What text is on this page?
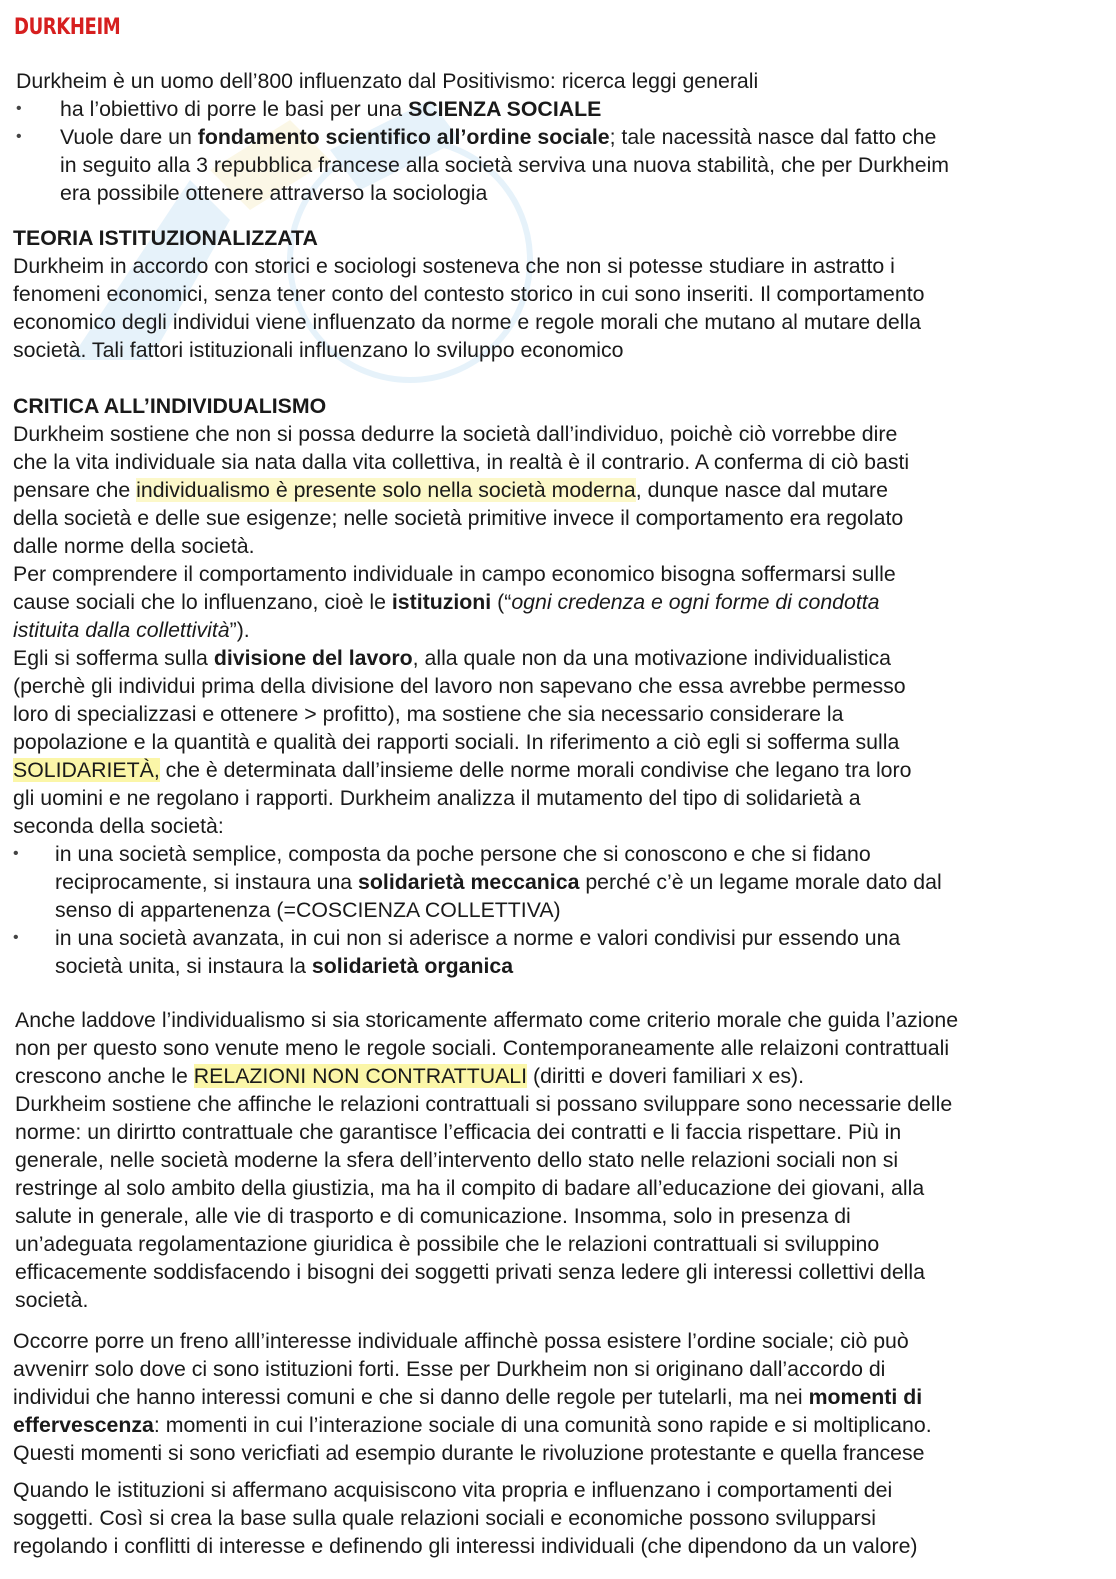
DURKHEIM
Durkheim è un uomo dell’800 influenzato dal Positivismo: ricerca leggi generali
• ha l’obiettivo di porre le basi per una SCIENZA SOCIALE
• Vuole dare un fondamento scientifico all’ordine sociale; tale nacessità nasce dal fatto che
in seguito alla 3 repubblica francese alla società serviva una nuova stabilità, che per Durkheim
era possibile ottenere attraverso la sociologia
TEORIA ISTITUZIONALIZZATA
Durkheim in accordo con storici e sociologi sosteneva che non si potesse studiare in astratto i
fenomeni economici, senza tener conto del contesto storico in cui sono inseriti. Il comportamento
economico degli individui viene influenzato da norme e regole morali che mutano al mutare della
società. Tali fattori istituzionali influenzano lo sviluppo economico
CRITICA ALL’INDIVIDUALISMO
Durkheim sostiene che non si possa dedurre la società dall’individuo, poichè ciò vorrebbe dire
che la vita individuale sia nata dalla vita collettiva, in realtà è il contrario. A conferma di ciò basti
pensare che individualismo è presente solo nella società moderna, dunque nasce dal mutare
della società e delle sue esigenze; nelle società primitive invece il comportamento era regolato
dalle norme della società.
Per comprendere il comportamento individuale in campo economico bisogna soffermarsi sulle
cause sociali che lo influenzano, cioè le istituzioni (“ogni credenza e ogni forme di condotta
istituita dalla collettività”).
Egli si sofferma sulla divisione del lavoro, alla quale non da una motivazione individualistica
(perchè gli individui prima della divisione del lavoro non sapevano che essa avrebbe permesso
loro di specializzasi e ottenere > profitto), ma sostiene che sia necessario considerare la
popolazione e la quantità e qualità dei rapporti sociali. In riferimento a ciò egli si sofferma sulla
SOLIDARIETÀ, che è determinata dall’insieme delle norme morali condivise che legano tra loro
gli uomini e ne regolano i rapporti. Durkheim analizza il mutamento del tipo di solidarietà a
seconda della società:
• in una società semplice, composta da poche persone che si conoscono e che si fidano
reciprocamente, si instaura una solidarietà meccanica perché c’è un legame morale dato dal
senso di appartenenza (=COSCIENZA COLLETTIVA)
• in una società avanzata, in cui non si aderisce a norme e valori condivisi pur essendo una
società unita, si instaura la solidarietà organica
Anche laddove l’individualismo si sia storicamente affermato come criterio morale che guida l’azione
non per questo sono venute meno le regole sociali. Contemporaneamente alle relaizoni contrattuali
crescono anche le RELAZIONI NON CONTRATTUALI (diritti e doveri familiari x es).
Durkheim sostiene che affinche le relazioni contrattuali si possano sviluppare sono necessarie delle
norme: un dirirtto contrattuale che garantisce l’efficacia dei contratti e li faccia rispettare. Più in
generale, nelle società moderne la sfera dell’intervento dello stato nelle relazioni sociali non si
restringe al solo ambito della giustizia, ma ha il compito di badare all’educazione dei giovani, alla
salute in generale, alle vie di trasporto e di comunicazione. Insomma, solo in presenza di
un’adeguata regolamentazione giuridica è possibile che le relazioni contrattuali si sviluppino
efficacemente soddisfacendo i bisogni dei soggetti privati senza ledere gli interessi collettivi della
società.
Occorre porre un freno alll’interesse individuale affinchè possa esistere l’ordine sociale; ciò può
avvenirr solo dove ci sono istituzioni forti. Esse per Durkheim non si originano dall’accordo di
individui che hanno interessi comuni e che si danno delle regole per tutelarli, ma nei momenti di
effervescenza: momenti in cui l’interazione sociale di una comunità sono rapide e si moltiplicano.
Questi momenti si sono vericfiati ad esempio durante le rivoluzione protestante e quella francese
Quando le istituzioni si affermano acquisiscono vita propria e influenzano i comportamenti dei
soggetti. Così si crea la base sulla quale relazioni sociali e economiche possono svilupparsi
regolando i conflitti di interesse e definendo gli interessi individuali (che dipendono da un valore)
